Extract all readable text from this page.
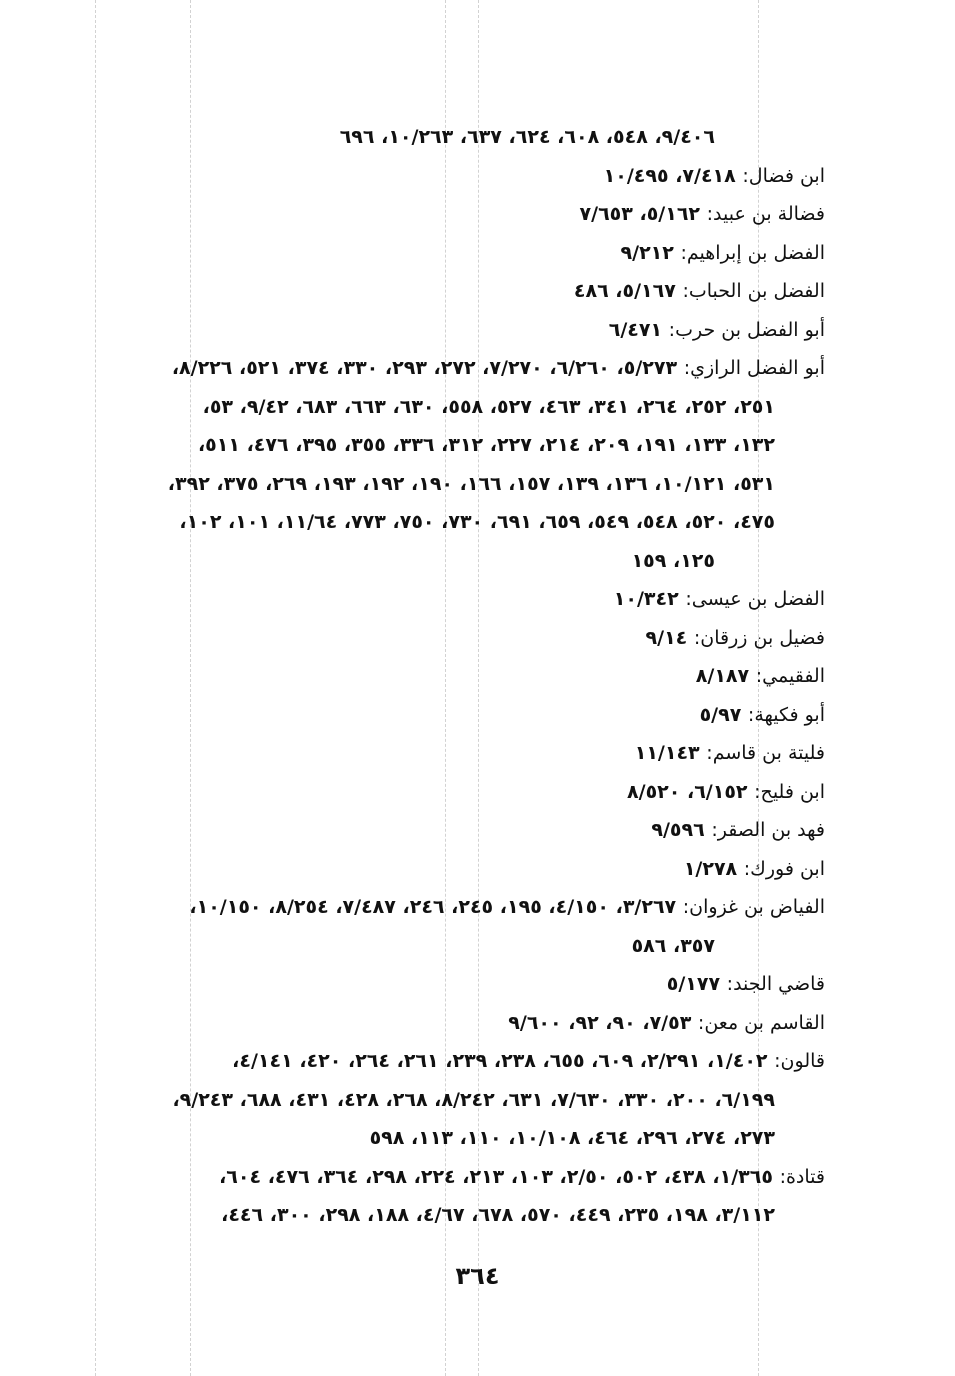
٩/٤٠٦، ٥٤٨، ٦٠٨، ٦٢٤، ٦٣٧، ١٠/٢٦٣، ٦٩٦
ابن فضال: ٧/٤١٨، ١٠/٤٩٥
فضالة بن عبيد: ٥/١٦٢، ٧/٦٥٣
الفضل بن إبراهيم: ٩/٢١٢
الفضل بن الحباب: ٥/١٦٧، ٤٨٦
أبو الفضل بن حرب: ٦/٤٧١
أبو الفضل الرازي: ٥/٢٧٣، ٦/٢٦٠، ٧/٢٧٠، ٢٧٢، ٢٩٣، ٣٣٠، ٣٧٤، ٥٢١، ٨/٢٢٦،
٢٥١، ٢٥٢، ٢٦٤، ٣٤١، ٤٦٣، ٥٢٧، ٥٥٨، ٦٣٠، ٦٦٣، ٦٨٣، ٩/٤٢، ٥٣،
١٣٢، ١٣٣، ١٩١، ٢٠٩، ٢١٤، ٢٢٧، ٣١٢، ٣٣٦، ٣٥٥، ٣٩٥، ٤٧٦، ٥١١،
٥٣١، ١٠/١٢١، ١٣٦، ١٣٩، ١٥٧، ١٦٦، ١٩٠، ١٩٢، ١٩٣، ٢٦٩، ٣٧٥، ٣٩٢،
٤٧٥، ٥٢٠، ٥٤٨، ٥٤٩، ٦٥٩، ٦٩١، ٧٣٠، ٧٥٠، ٧٧٣، ١١/٦٤، ١٠١، ١٠٢،
١٢٥، ١٥٩
الفضل بن عيسى: ١٠/٣٤٢
فضيل بن زرقان: ٩/١٤
الفقيمي: ٨/١٨٧
أبو فكيهة: ٥/٩٧
فليتة بن قاسم: ١١/١٤٣
ابن فليح: ٦/١٥٢، ٨/٥٢٠
فهد بن الصقر: ٩/٥٩٦
ابن فورك: ١/٢٧٨
الفياض بن غزوان: ٣/٢٦٧، ٤/١٥٠، ١٩٥، ٢٤٥، ٢٤٦، ٧/٤٨٧، ٨/٢٥٤، ١٠/١٥٠،
٣٥٧، ٥٨٦
قاضي الجند: ٥/١٧٧
القاسم بن معن: ٧/٥٣، ٩٠، ٩٢، ٩/٦٠٠
قالون: ١/٤٠٢، ٢/٢٩١، ٦٠٩، ٦٥٥، ٢٣٨، ٢٣٩، ٢٦١، ٢٦٤، ٤٢٠، ٤/١٤١،
٦/١٩٩، ٢٠٠، ٣٣٠، ٧/٦٣٠، ٦٣١، ٨/٢٤٢، ٢٦٨، ٤٢٨، ٤٣١، ٦٨٨، ٩/٢٤٣،
٢٧٣، ٢٧٤، ٢٩٦، ٤٦٤، ١٠/١٠٨، ١١٠، ١١٣، ٥٩٨
قتادة: ١/٣٦٥، ٤٣٨، ٥٠٢، ٢/٥٠، ١٠٣، ٢١٣، ٢٢٤، ٢٩٨، ٣٦٤، ٤٧٦، ٦٠٤،
٣/١١٢، ١٩٨، ٢٣٥، ٤٤٩، ٥٧٠، ٦٧٨، ٤/٦٧، ١٨٨، ٢٩٨، ٣٠٠، ٤٤٦،
٣٦٤
